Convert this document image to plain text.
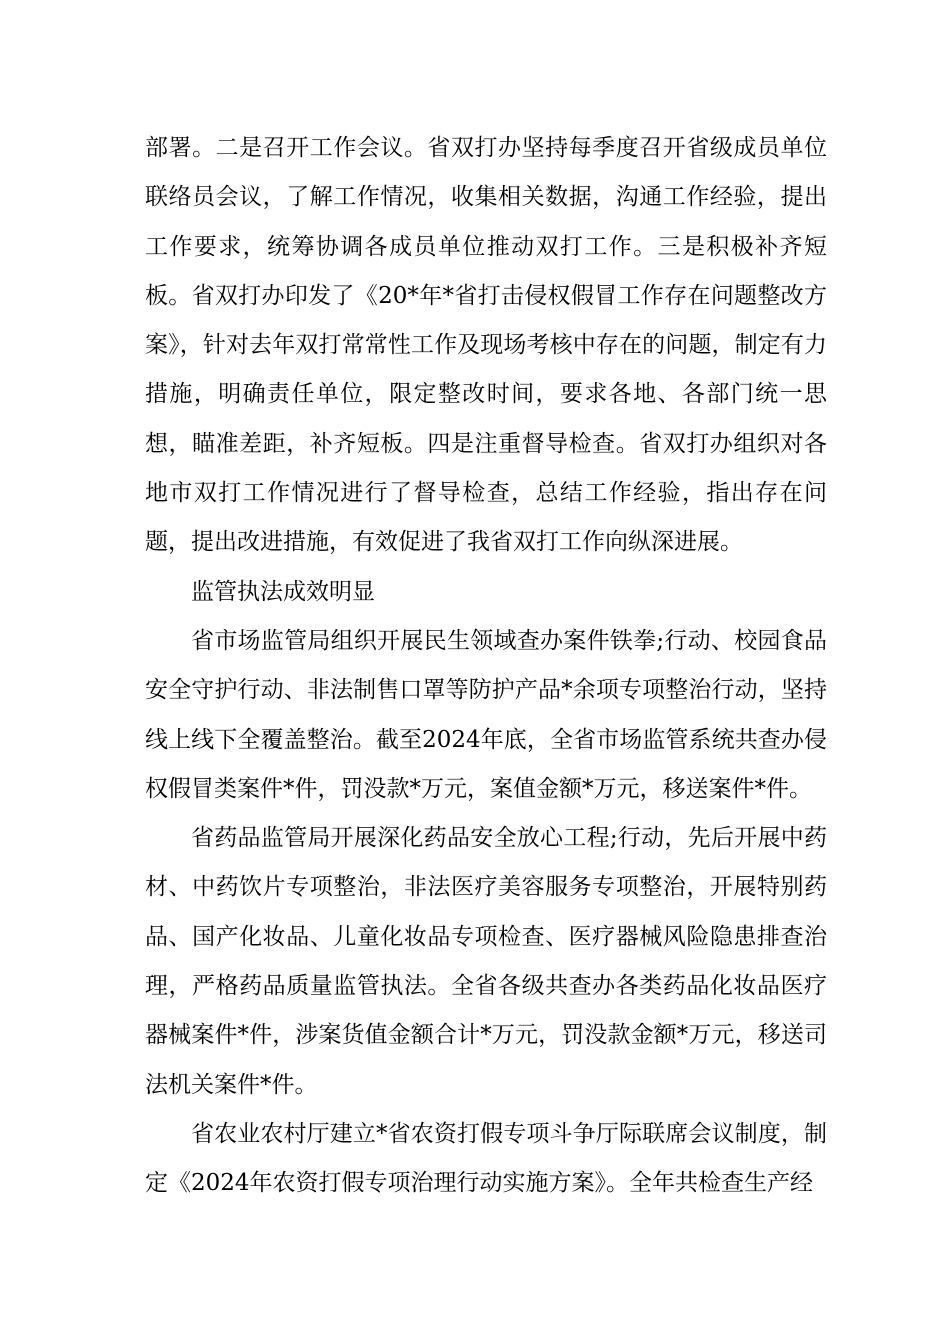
部署。二是召开工作会议。省双打办坚持每季度召开省级成员单位联络员会议，了解工作情况，收集相关数据，沟通工作经验，提出工作要求，统筹协调各成员单位推动双打工作。三是积极补齐短板。省双打办印发了《20*年*省打击侵权假冒工作存在问题整改方案》，针对去年双打常常性工作及现场考核中存在的问题，制定有力措施，明确责任单位，限定整改时间，要求各地、各部门统一思想，瞄准差距，补齐短板。四是注重督导检查。省双打办组织对各地市双打工作情况进行了督导检查，总结工作经验，指出存在问题，提出改进措施，有效促进了我省双打工作向纵深进展。

监管执法成效明显

省市场监管局组织开展民生领域查办案件铁拳;行动、校园食品安全守护行动、非法制售口罩等防护产品*余项专项整治行动，坚持线上线下全覆盖整治。截至2024年底，全省市场监管系统共查办侵权假冒类案件*件，罚没款*万元，案值金额*万元，移送案件*件。

省药品监管局开展深化药品安全放心工程;行动，先后开展中药材、中药饮片专项整治，非法医疗美容服务专项整治，开展特别药品、国产化妆品、儿童化妆品专项检查、医疗器械风险隐患排查治理，严格药品质量监管执法。全省各级共查办各类药品化妆品医疗器械案件*件，涉案货值金额合计*万元，罚没款金额*万元，移送司法机关案件*件。

省农业农村厅建立*省农资打假专项斗争厅际联席会议制度，制定《2024年农资打假专项治理行动实施方案》。全年共检查生产经
